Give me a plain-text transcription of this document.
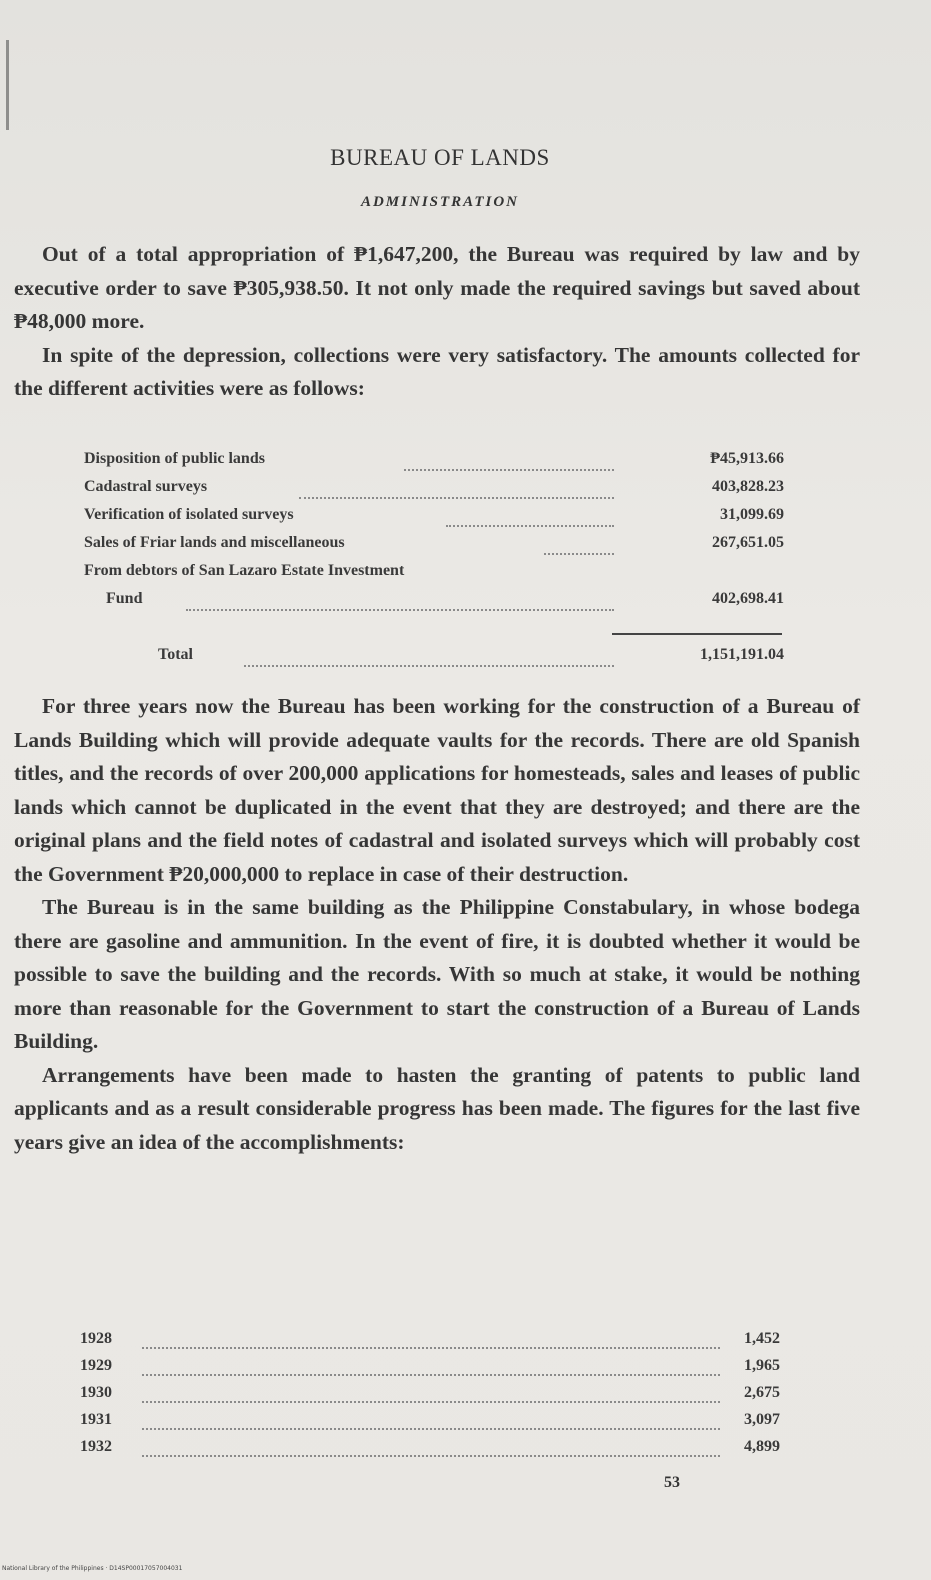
BUREAU OF LANDS
ADMINISTRATION

Out of a total appropriation of ₱1,647,200, the Bureau was required by law and by executive order to save ₱305,938.50. It not only made the required savings but saved about ₱48,000 more.

In spite of the depression, collections were very satisfactory. The amounts collected for the different activities were as follows:

Disposition of public lands	₱45,913.66
Cadastral surveys	403,828.23
Verification of isolated surveys	31,099.69
Sales of Friar lands and miscellaneous	267,651.05
From debtors of San Lazaro Estate Investment
Fund	402,698.41
Total	1,151,191.04

For three years now the Bureau has been working for the construction of a Bureau of Lands Building which will provide adequate vaults for the records. There are old Spanish titles, and the records of over 200,000 applications for homesteads, sales and leases of public lands which cannot be duplicated in the event that they are destroyed; and there are the original plans and the field notes of cadastral and isolated surveys which will probably cost the Government ₱20,000,000 to replace in case of their destruction.

The Bureau is in the same building as the Philippine Constabulary, in whose bodega there are gasoline and ammunition. In the event of fire, it is doubted whether it would be possible to save the building and the records. With so much at stake, it would be nothing more than reasonable for the Government to start the construction of a Bureau of Lands Building.

Arrangements have been made to hasten the granting of patents to public land applicants and as a result considerable progress has been made. The figures for the last five years give an idea of the accomplishments:

1928	1,452
1929	1,965
1930	2,675
1931	3,097
1932	4,899
53
National Library of the Philippines · D14SP00017057004031
